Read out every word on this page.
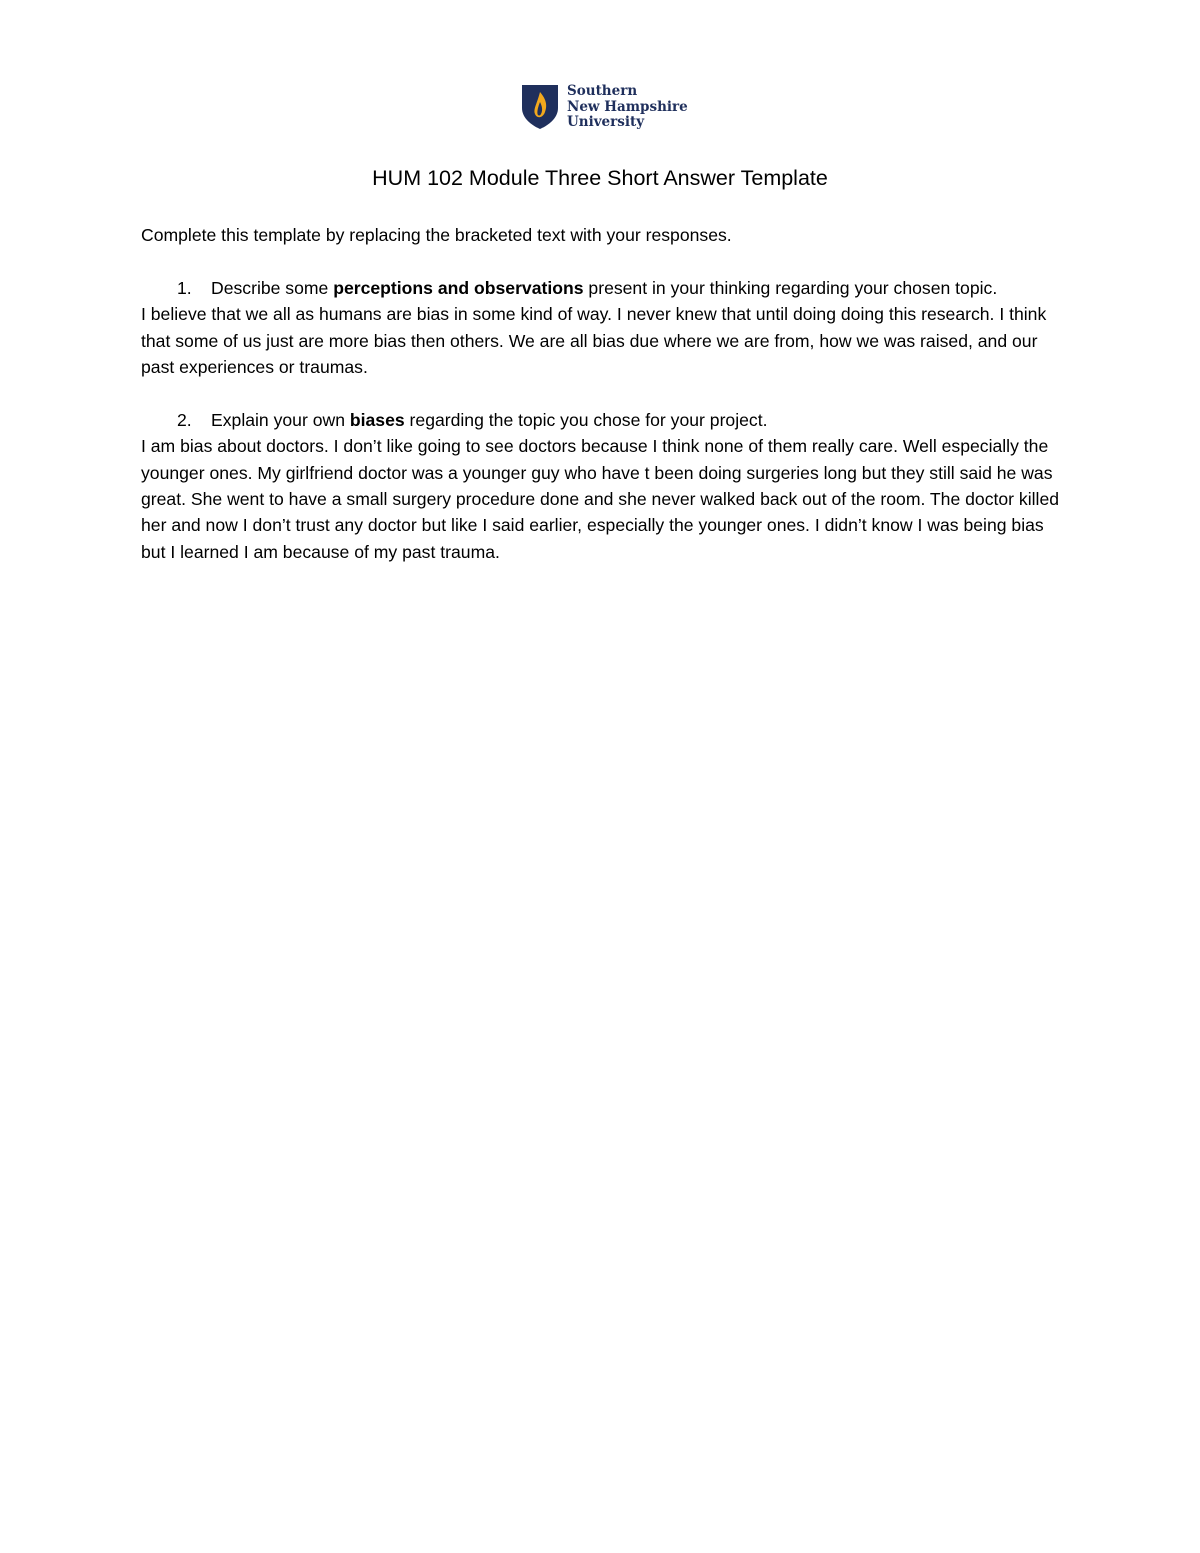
Southern
New Hampshire
University
HUM 102 Module Three Short Answer Template

Complete this template by replacing the bracketed text with your responses.

1. Describe some perceptions and observations present in your thinking regarding your chosen topic.

I believe that we all as humans are bias in some kind of way. I never knew that until doing doing this research. I think that some of us just are more bias then others. We are all bias due where we are from, how we was raised, and our past experiences or traumas.

2. Explain your own biases regarding the topic you chose for your project.

I am bias about doctors. I don’t like going to see doctors because I think none of them really care. Well especially the younger ones. My girlfriend doctor was a younger guy who have t been doing surgeries long but they still said he was great. She went to have a small surgery procedure done and she never walked back out of the room. The doctor killed her and now I don’t trust any doctor but like I said earlier, especially the younger ones. I didn’t know I was being bias but I learned I am because of my past trauma.
